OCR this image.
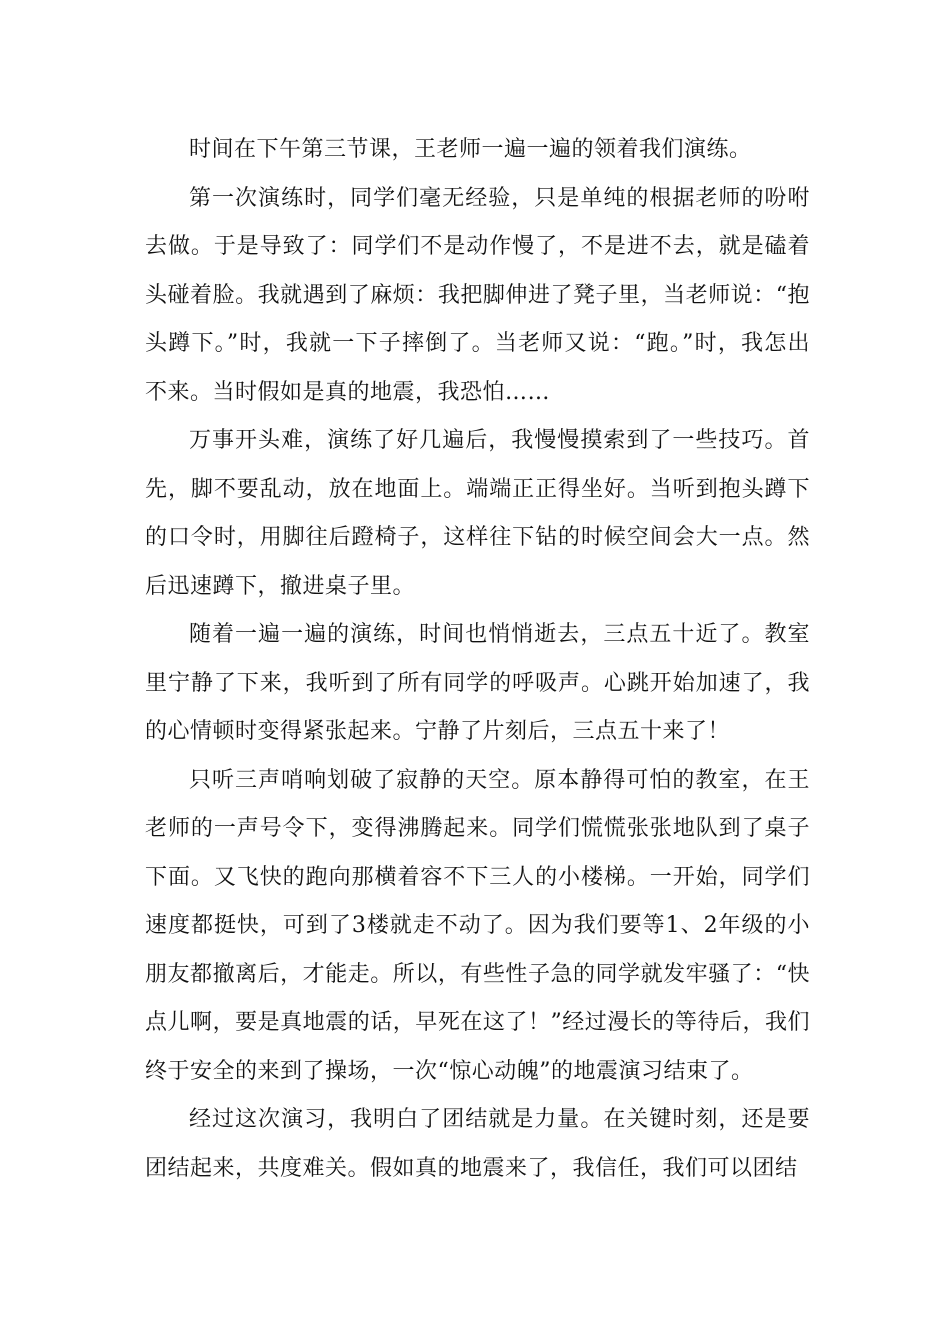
时间在下午第三节课，王老师一遍一遍的领着我们演练。

第一次演练时，同学们毫无经验，只是单纯的根据老师的吩咐去做。于是导致了：同学们不是动作慢了，不是进不去，就是磕着头碰着脸。我就遇到了麻烦：我把脚伸进了凳子里，当老师说：“抱头蹲下。”时，我就一下子摔倒了。当老师又说：“跑。”时，我怎出不来。当时假如是真的地震，我恐怕……

万事开头难，演练了好几遍后，我慢慢摸索到了一些技巧。首先，脚不要乱动，放在地面上。端端正正得坐好。当听到抱头蹲下的口令时，用脚往后蹬椅子，这样往下钻的时候空间会大一点。然后迅速蹲下，撤进桌子里。

随着一遍一遍的演练，时间也悄悄逝去，三点五十近了。教室里宁静了下来，我听到了所有同学的呼吸声。心跳开始加速了，我的心情顿时变得紧张起来。宁静了片刻后，三点五十来了！

只听三声哨响划破了寂静的天空。原本静得可怕的教室，在王老师的一声号令下，变得沸腾起来。同学们慌慌张张地队到了桌子下面。又飞快的跑向那横着容不下三人的小楼梯。一开始，同学们速度都挺快，可到了3楼就走不动了。因为我们要等1、2年级的小朋友都撤离后，才能走。所以，有些性子急的同学就发牢骚了：“快点儿啊，要是真地震的话，早死在这了！”经过漫长的等待后，我们终于安全的来到了操场，一次“惊心动魄”的地震演习结束了。

经过这次演习，我明白了团结就是力量。在关键时刻，还是要团结起来，共度难关。假如真的地震来了，我信任，我们可以团结
